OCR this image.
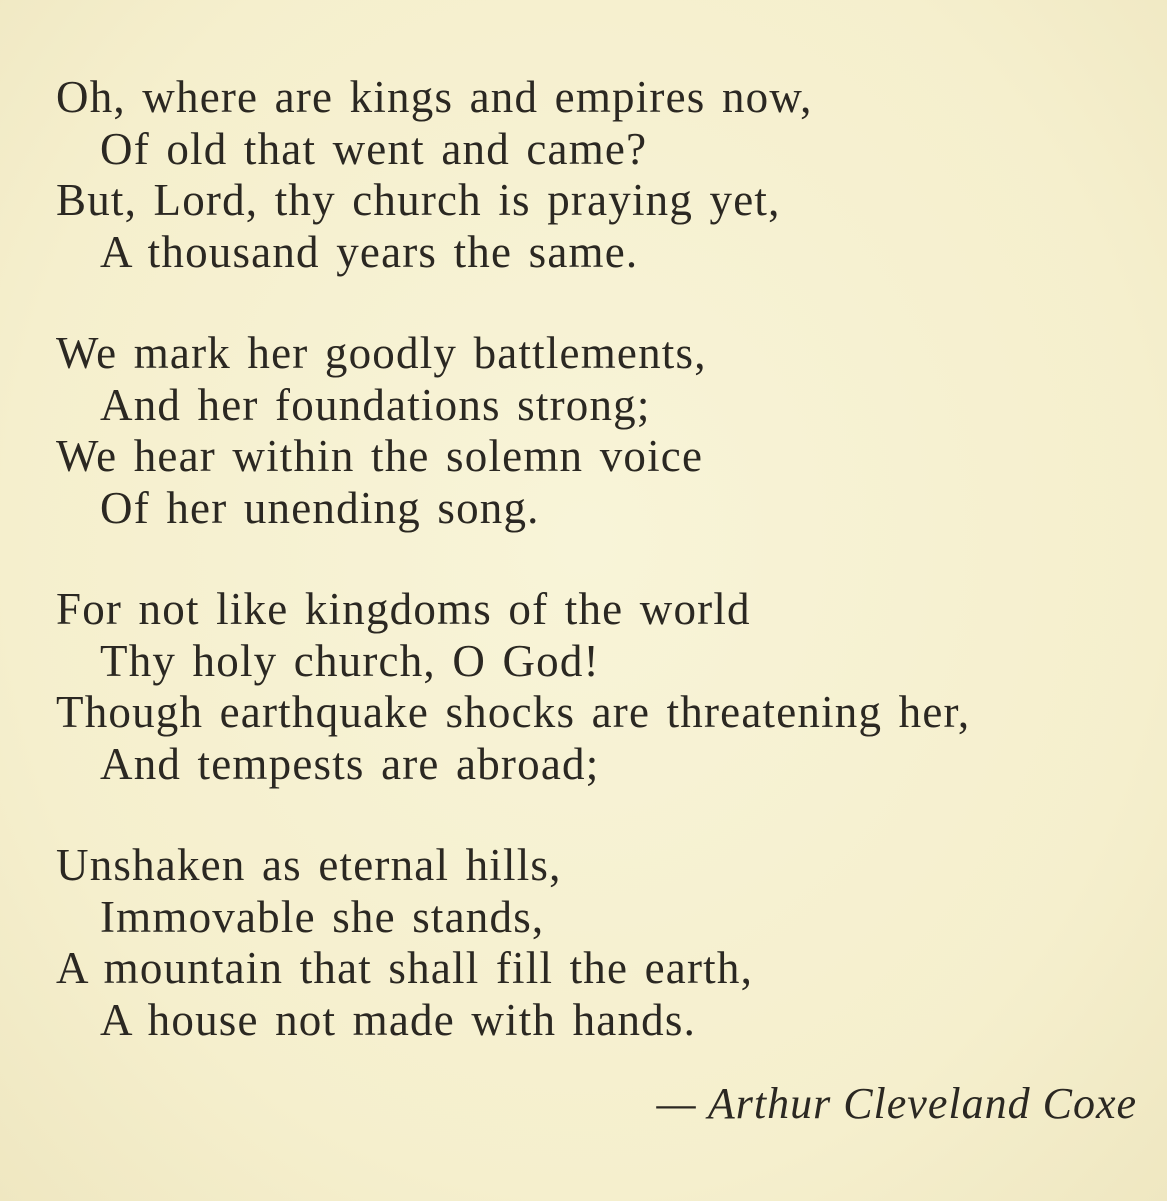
Oh, where are kings and empires now,
Of old that went and came?
But, Lord, thy church is praying yet,
A thousand years the same.
We mark her goodly battlements,
And her foundations strong;
We hear within the solemn voice
Of her unending song.
For not like kingdoms of the world
Thy holy church, O God!
Though earthquake shocks are threatening her,
And tempests are abroad;
Unshaken as eternal hills,
Immovable she stands,
A mountain that shall fill the earth,
A house not made with hands.
— Arthur Cleveland Coxe
